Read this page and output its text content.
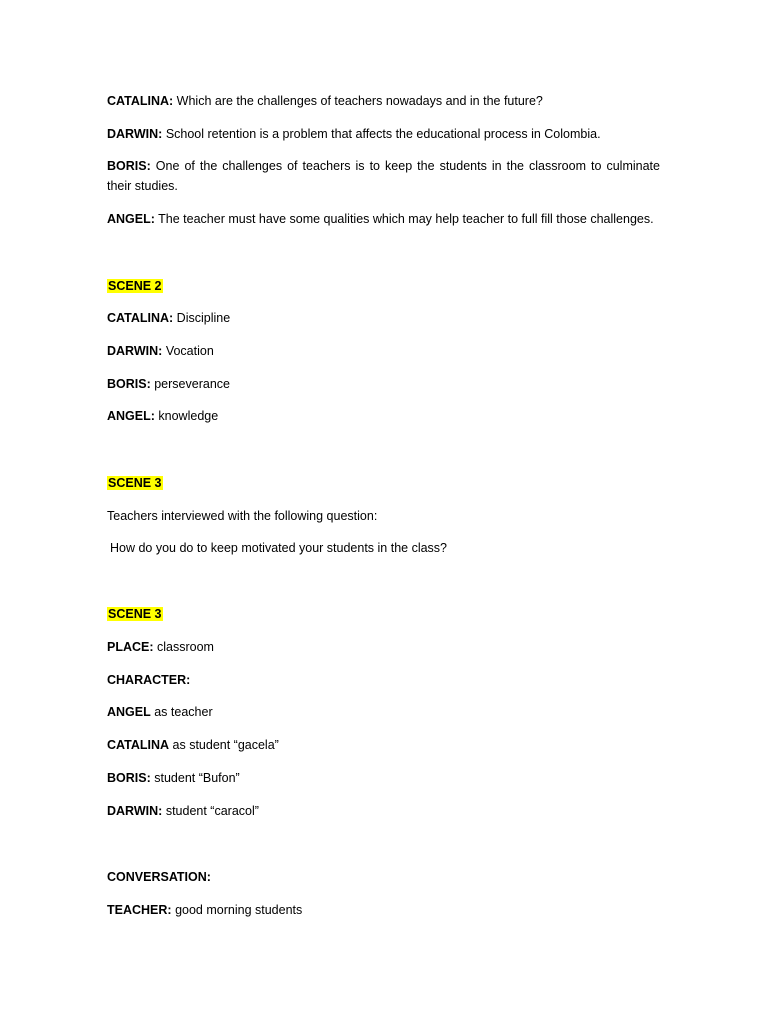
CATALINA: Which are the challenges of teachers nowadays and in the future?
DARWIN: School retention is a problem that affects the educational process in Colombia.
BORIS: One of the challenges of teachers is to keep the students in the classroom to culminate their studies.
ANGEL: The teacher must have some qualities which may help teacher to full fill those challenges.
SCENE 2
CATALINA: Discipline
DARWIN: Vocation
BORIS: perseverance
ANGEL: knowledge
SCENE 3
Teachers interviewed with the following question:
How do you do to keep motivated your students in the class?
SCENE 3
PLACE: classroom
CHARACTER:
ANGEL as teacher
CATALINA as student “gacela”
BORIS: student “Bufon”
DARWIN: student “caracol”
CONVERSATION:
TEACHER: good morning students
